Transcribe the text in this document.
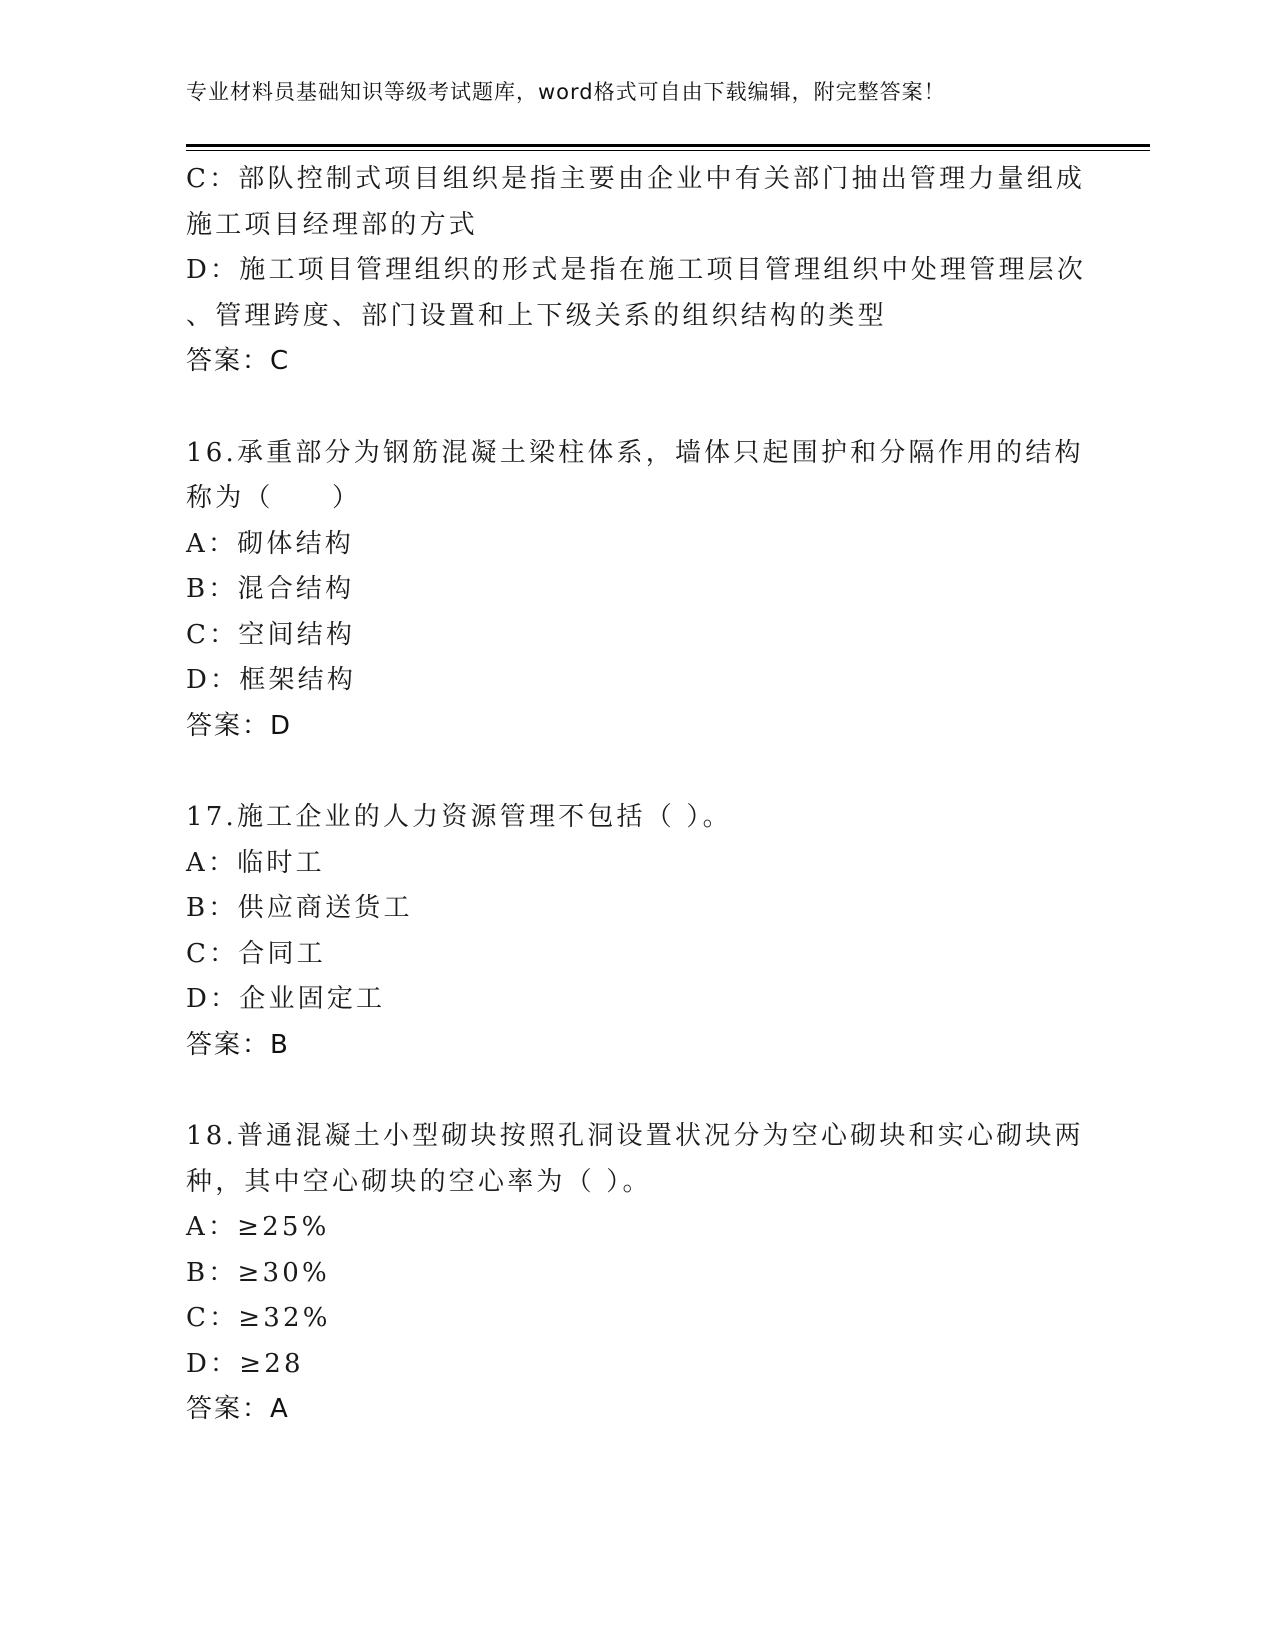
专业材料员基础知识等级考试题库，word格式可自由下载编辑，附完整答案！
C：部队控制式项目组织是指主要由企业中有关部门抽出管理力量组成
施工项目经理部的方式
D：施工项目管理组织的形式是指在施工项目管理组织中处理管理层次
、管理跨度、部门设置和上下级关系的组织结构的类型
答案：C
16.承重部分为钢筋混凝土梁柱体系，墙体只起围护和分隔作用的结构
称为（　　）
A：砌体结构
B：混合结构
C：空间结构
D：框架结构
答案：D
17.施工企业的人力资源管理不包括（ ）。
A：临时工
B：供应商送货工
C：合同工
D：企业固定工
答案：B
18.普通混凝土小型砌块按照孔洞设置状况分为空心砌块和实心砌块两
种，其中空心砌块的空心率为（ ）。
A：≥25%
B：≥30%
C：≥32%
D：≥28
答案：A
